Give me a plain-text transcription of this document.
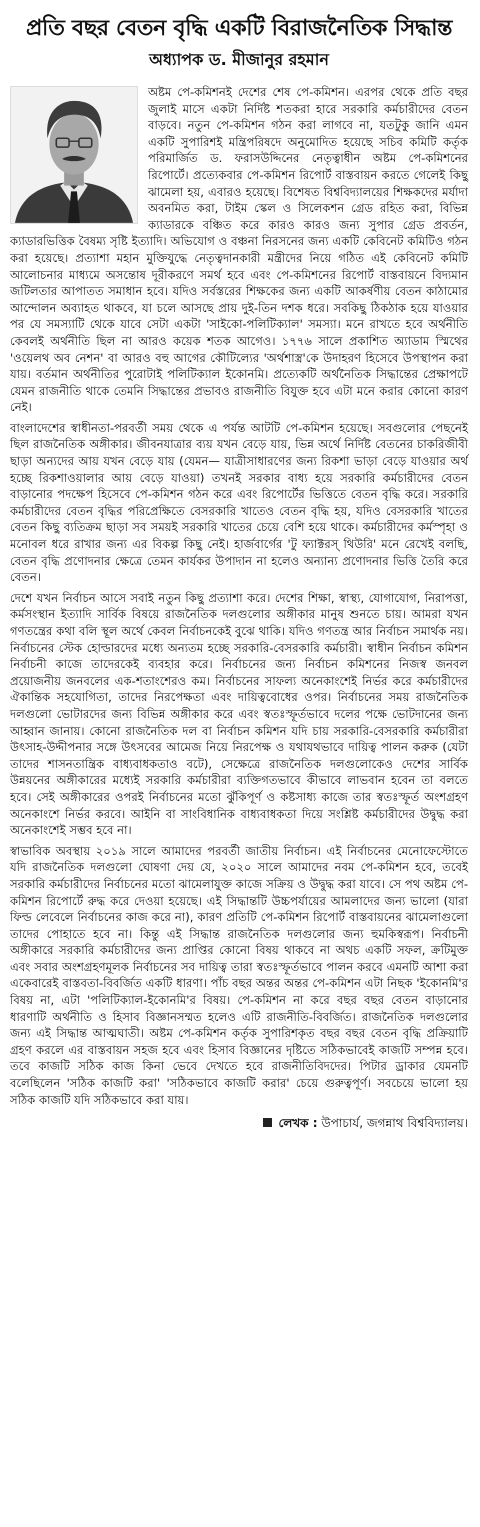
প্রতি বছর বেতন বৃদ্ধি একটি বিরাজনৈতিক সিদ্ধান্ত
অধ্যাপক ড. মীজানুর রহমান

অষ্টম পে-কমিশনই দেশের শেষ পে-কমিশন। এরপর থেকে প্রতি বছর জুলাই মাসে একটা নির্দিষ্ট শতকরা হারে সরকারি কর্মচারীদের বেতন বাড়বে। নতুন পে-কমিশন গঠন করা লাগবে না, যতটুকু জানি এমন একটি সুপারিশই মন্ত্রিপরিষদে অনুমোদিত হয়েছে সচিব কমিটি কর্তৃক পরিমার্জিত ড. ফরাসউদ্দিনের নেতৃত্বাধীন অষ্টম পে-কমিশনের রিপোর্টে। প্রত্যেকবার পে-কমিশন রিপোর্ট বাস্তবায়ন করতে গেলেই কিছু ঝামেলা হয়, এবারও হয়েছে। বিশেষত বিশ্ববিদ্যালয়ের শিক্ষকদের মর্যাদা অবনমিত করা, টাইম স্কেল ও সিলেকশন গ্রেড রহিত করা, বিভিন্ন ক্যাডারকে বঞ্চিত করে কারও কারও জন্য সুপার গ্রেড প্রবর্তন, ক্যাডারভিত্তিক বৈষম্য সৃষ্টি ইত্যাদি। অভিযোগ ও বঞ্চনা নিরসনের জন্য একটি কেবিনেট কমিটিও গঠন করা হয়েছে। প্রত্যাশা মহান মুক্তিযুদ্ধে নেতৃত্বদানকারী মন্ত্রীদের নিয়ে গঠিত এই কেবিনেট কমিটি আলোচনার মাধ্যমে অসন্তোষ দূরীকরণে সমর্থ হবে এবং পে-কমিশনের রিপোর্ট বাস্তবায়নে বিদ্যমান জটিলতার আপাতত সমাধান হবে। যদিও সর্বস্তরের শিক্ষকের জন্য একটি আকর্ষণীয় বেতন কাঠামোর আন্দোলন অব্যাহত থাকবে, যা চলে আসছে প্রায় দুই-তিন দশক ধরে। সবকিছু ঠিকঠাক হয়ে যাওয়ার পর যে সমস্যাটি থেকে যাবে সেটা একটা 'সাইকো-পলিটিক্যাল' সমস্যা। মনে রাখতে হবে অর্থনীতি কেবলই অর্থনীতি ছিল না আরও কয়েক শতক আগেও। ১৭৭৬ সালে প্রকাশিত অ্যাডাম স্মিথের 'ওয়েলথ অব নেশন' বা আরও বহু আগের কৌটিল্যের 'অর্থশাস্ত্র'কে উদাহরণ হিসেবে উপস্থাপন করা যায়। বর্তমান অর্থনীতির পুরোটাই পলিটিক্যাল ইকোনমি। প্রত্যেকটি অর্থনৈতিক সিদ্ধান্তের প্রেক্ষাপটে যেমন রাজনীতি থাকে তেমনি সিদ্ধান্তের প্রভাবও রাজনীতি বিযুক্ত হবে এটা মনে করার কোনো কারণ নেই।

বাংলাদেশের স্বাধীনতা-পরবর্তী সময় থেকে এ পর্যন্ত আটটি পে-কমিশন হয়েছে। সবগুলোর পেছনেই ছিল রাজনৈতিক অঙ্গীকার। জীবনযাত্রার ব্যয় যখন বেড়ে যায়, ভিন্ন অর্থে নির্দিষ্ট বেতনের চাকরিজীবী ছাড়া অন্যদের আয় যখন বেড়ে যায় (যেমন— যাত্রীসাধারণের জন্য রিকশা ভাড়া বেড়ে যাওয়ার অর্থ হচ্ছে রিকশাওয়ালার আয় বেড়ে যাওয়া) তখনই সরকার বাধ্য হয়ে সরকারি কর্মচারীদের বেতন বাড়ানোর পদক্ষেপ হিসেবে পে-কমিশন গঠন করে এবং রিপোর্টের ভিত্তিতে বেতন বৃদ্ধি করে। সরকারি কর্মচারীদের বেতন বৃদ্ধির পরিপ্রেক্ষিতে বেসরকারি খাতেও বেতন বৃদ্ধি হয়, যদিও বেসরকারি খাতের বেতন কিছু ব্যতিক্রম ছাড়া সব সময়ই সরকারি খাতের চেয়ে বেশি হয়ে থাকে। কর্মচারীদের কর্মস্পৃহা ও মনোবল ধরে রাখার জন্য এর বিকল্প কিছু নেই। হার্জবার্গের 'টু ফ্যাক্টরস্ থিউরি' মনে রেখেই বলছি, বেতন বৃদ্ধি প্রণোদনার ক্ষেত্রে তেমন কার্যকর উপাদান না হলেও অন্যান্য প্রণোদনার ভিত্তি তৈরি করে বেতন।

দেশে যখন নির্বাচন আসে সবাই নতুন কিছু প্রত্যাশা করে। দেশের শিক্ষা, স্বাস্থ্য, যোগাযোগ, নিরাপত্তা, কর্মসংস্থান ইত্যাদি সার্বিক বিষয়ে রাজনৈতিক দলগুলোর অঙ্গীকার মানুষ শুনতে চায়। আমরা যখন গণতন্ত্রের কথা বলি স্থূল অর্থে কেবল নির্বাচনকেই বুঝে থাকি। যদিও গণতন্ত্র আর নির্বাচন সমার্থক নয়। নির্বাচনের স্টেক হোল্ডারদের মধ্যে অন্যতম হচ্ছে সরকারি-বেসরকারি কর্মচারী। স্বাধীন নির্বাচন কমিশন নির্বাচনী কাজে তাদেরকেই ব্যবহার করে। নির্বাচনের জন্য নির্বাচন কমিশনের নিজস্ব জনবল প্রয়োজনীয় জনবলের এক-শতাংশেরও কম। নির্বাচনের সাফল্য অনেকাংশেই নির্ভর করে কর্মচারীদের ঐকান্তিক সহযোগিতা, তাদের নিরপেক্ষতা এবং দায়িত্ববোধের ওপর। নির্বাচনের সময় রাজনৈতিক দলগুলো ভোটারদের জন্য বিভিন্ন অঙ্গীকার করে এবং স্বতঃস্ফূর্তভাবে দলের পক্ষে ভোটদানের জন্য আহ্বান জানায়। কোনো রাজনৈতিক দল বা নির্বাচন কমিশন যদি চায় সরকারি-বেসরকারি কর্মচারীরা উৎসাহ-উদ্দীপনার সঙ্গে উৎসবের আমেজ নিয়ে নিরপেক্ষ ও যথাযথভাবে দায়িত্ব পালন করুক (যেটা তাদের শাসনতান্ত্রিক বাধ্যবাধকতাও বটে), সেক্ষেত্রে রাজনৈতিক দলগুলোকেও দেশের সার্বিক উন্নয়নের অঙ্গীকারের মধ্যেই সরকারি কর্মচারীরা ব্যক্তিগতভাবে কীভাবে লাভবান হবেন তা বলতে হবে। সেই অঙ্গীকারের ওপরই নির্বাচনের মতো ঝুঁকিপূর্ণ ও কষ্টসাধ্য কাজে তার স্বতঃস্ফূর্ত অংশগ্রহণ অনেকাংশে নির্ভর করবে। আইনি বা সাংবিধানিক বাধ্যবাধকতা দিয়ে সংশ্লিষ্ট কর্মচারীদের উদ্বুদ্ধ করা অনেকাংশেই সম্ভব হবে না।

স্বাভাবিক অবস্থায় ২০১৯ সালে আমাদের পরবর্তী জাতীয় নির্বাচন। এই নির্বাচনের মেনোফেস্টোতে যদি রাজনৈতিক দলগুলো ঘোষণা দেয় যে, ২০২০ সালে আমাদের নবম পে-কমিশন হবে, তবেই সরকারি কর্মচারীদের নির্বাচনের মতো ঝামেলাযুক্ত কাজে সক্রিয় ও উদ্বুদ্ধ করা যাবে। সে পথ অষ্টম পে-কমিশন রিপোর্টে রুদ্ধ করে দেওয়া হয়েছে। এই সিদ্ধান্তটি উচ্চপর্যায়ের আমলাদের জন্য ভালো (যারা ফিল্ড লেবেলে নির্বাচনের কাজ করে না), কারণ প্রতিটি পে-কমিশন রিপোর্ট বাস্তবায়নের ঝামেলাগুলো তাদের পোহাতে হবে না। কিন্তু এই সিদ্ধান্ত রাজনৈতিক দলগুলোর জন্য হুমকিস্বরূপ। নির্বাচনী অঙ্গীকারে সরকারি কর্মচারীদের জন্য প্রাপ্তির কোনো বিষয় থাকবে না অথচ একটি সফল, ক্রটিমুক্ত এবং সবার অংশগ্রহণমূলক নির্বাচনের সব দায়িত্ব তারা স্বতঃস্ফূর্তভাবে পালন করবে এমনটি আশা করা একেবারেই বাস্তবতা-বিবর্জিত একটি ধারণা। পাঁচ বছর অন্তর অন্তর পে-কমিশন এটা নিছক 'ইকোনমি'র বিষয় না, এটা 'পলিটিক্যাল-ইকোনমি'র বিষয়। পে-কমিশন না করে বছর বছর বেতন বাড়ানোর ধারণাটি অর্থনীতি ও হিসাব বিজ্ঞানসম্মত হলেও এটি রাজনীতি-বিবর্জিত। রাজনৈতিক দলগুলোর জন্য এই সিদ্ধান্ত আত্মঘাতী। অষ্টম পে-কমিশন কর্তৃক সুপারিশকৃত বছর বছর বেতন বৃদ্ধি প্রক্রিয়াটি গ্রহণ করলে এর বাস্তবায়ন সহজ হবে এবং হিসাব বিজ্ঞানের দৃষ্টিতে সঠিকভাবেই কাজটি সম্পন্ন হবে। তবে কাজটি সঠিক কাজ কিনা ভেবে দেখতে হবে রাজনীতিবিদদের। পিটার ড্রাকার যেমনটি বলেছিলেন 'সঠিক কাজটি করা' 'সঠিকভাবে কাজটি করার' চেয়ে গুরুত্বপূর্ণ। সবচেয়ে ভালো হয় সঠিক কাজটি যদি সঠিকভাবে করা যায়।

লেখক : উপাচার্য, জগন্নাথ বিশ্ববিদ্যালয়।
